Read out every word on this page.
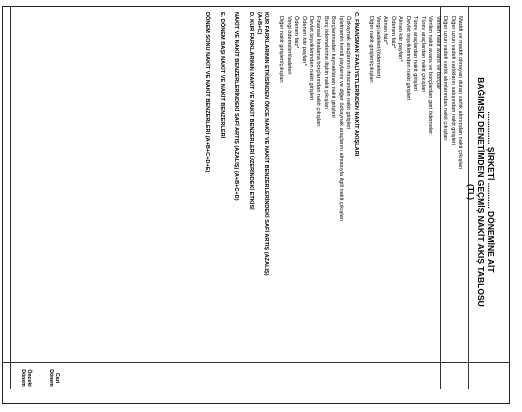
.............. ŞİRKETİ ........... DÖNEMİNE AİT
BAĞIMSIZ DENETİMDEN GEÇMİŞ NAKİT AKIŞ TABLOSU
(TL)
Maddi ve maddi olmayan duran varlık alımından nakit çıkışları
Diğer uzun vadeli varlıkların satışından nakit girişleri
Diğer uzun vadeli varlık alımlarından nakit çıkışları
Verilen nakit avans ve borçlar
Verilen nakit avans ve borçlardan geri ödemeler
Türev araçlardan nakit çıkışları
Türev araçlardan nakit girişleri
Devlet teşviklerinden nakit girişleri
Alınan kâr payları*
Ödenen faiz*
Alınan faiz*
Vergi iadeleri/(ödemeleri)
Diğer nakit girişleri/çıkışları
C. FİNANSMAN FAALİYETLERİNDEN NAKİT AKIŞLARI
Özkaynak araçlarının ihracından nakit girişleri
İşletmenin kendi paylarını ve diğer özkaynak araçlarını almasıyla ilgili nakit çıkışları
Borçlanmadan kaynaklanan nakit girişleri
Borç ödemelerine ilişkin nakit çıkışları
Finansal kiralama borçlarından nakit çıkışları
Devlet teşviklerinden nakit girişleri
Ödenen kâr payları*
Ödenen faiz*
Vergi ödemeleri/iadeleri
Diğer nakit girişleri/çıkışları
KUR FARKLARININ ETKİSİNDEN ÖNCE NAKİT VE NAKİT BENZERLERİNDEKİ SAFİ ARTIŞ (AZALIŞ)
(A+B+C)
D. KUR FARKLARININ NAKİT VE NAKİT BENZERLERİ ÜZERİNDEKİ ETKİSİ
NAKİT VE NAKİT BENZERLERİNDEKİ SAFİ ARTIŞ (AZALIŞ) (A+B+C+D)
E. DÖNEM BAŞI NAKİT VE NAKİT BENZERLERİ
DÖNEM SONU NAKİT VE NAKİT BENZERLERİ (A+B+C+D+E)
Cari
Dönem
Önceki
Dönem
